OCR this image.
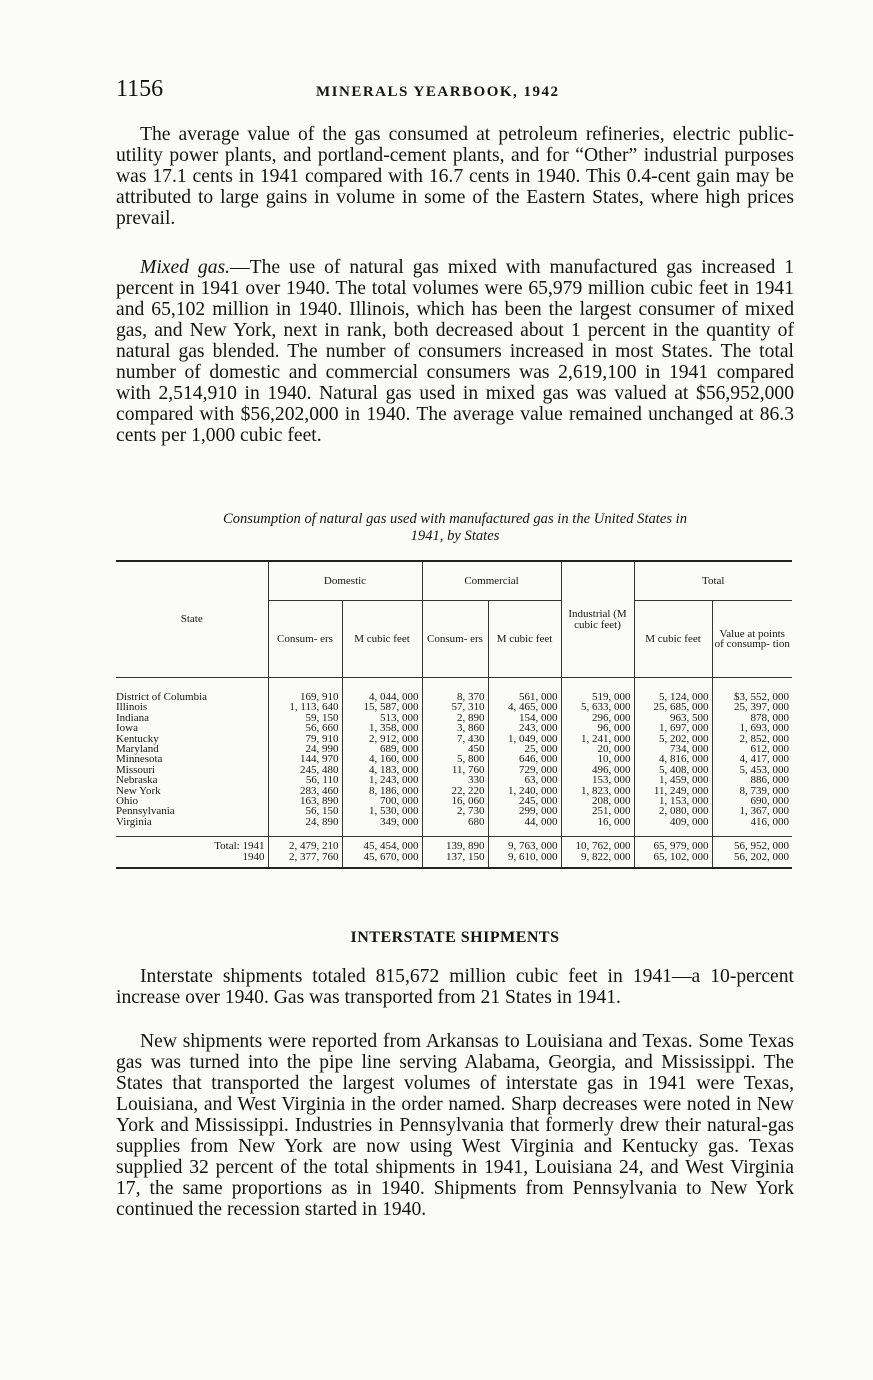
1156	MINERALS YEARBOOK, 1942

The average value of the gas consumed at petroleum refineries, electric public-utility power plants, and portland-cement plants, and for “Other” industrial purposes was 17.1 cents in 1941 compared with 16.7 cents in 1940. This 0.4-cent gain may be attributed to large gains in volume in some of the Eastern States, where high prices prevail.

Mixed gas.—The use of natural gas mixed with manufactured gas increased 1 percent in 1941 over 1940. The total volumes were 65,979 million cubic feet in 1941 and 65,102 million in 1940. Illinois, which has been the largest consumer of mixed gas, and New York, next in rank, both decreased about 1 percent in the quantity of natural gas blended. The number of consumers increased in most States. The total number of domestic and commercial consumers was 2,619,100 in 1941 compared with 2,514,910 in 1940. Natural gas used in mixed gas was valued at $56,952,000 compared with $56,202,000 in 1940. The average value remained unchanged at 86.3 cents per 1,000 cubic feet.

Consumption of natural gas used with manufactured gas in the United States in
1941, by States

State	Domestic		Commercial		Industrial (M cubic feet)	Total	
	Consum- ers	M cubic feet	Consum- ers	M cubic feet		M cubic feet	Value at points of consump- tion
District of Columbia	169, 910	4, 044, 000	8, 370	561, 000	519, 000	5, 124, 000	$3, 552, 000
Illinois	1, 113, 640	15, 587, 000	57, 310	4, 465, 000	5, 633, 000	25, 685, 000	25, 397, 000
Indiana	59, 150	513, 000	2, 890	154, 000	296, 000	963, 500	878, 000
Iowa	56, 660	1, 358, 000	3, 860	243, 000	96, 000	1, 697, 000	1, 693, 000
Kentucky	79, 910	2, 912, 000	7, 430	1, 049, 000	1, 241, 000	5, 202, 000	2, 852, 000
Maryland	24, 990	689, 000	450	25, 000	20, 000	734, 000	612, 000
Minnesota	144, 970	4, 160, 000	5, 800	646, 000	10, 000	4, 816, 000	4, 417, 000
Missouri	245, 480	4, 183, 000	11, 760	729, 000	496, 000	5, 408, 000	5, 453, 000
Nebraska	56, 110	1, 243, 000	330	63, 000	153, 000	1, 459, 000	886, 000
New York	283, 460	8, 186, 000	22, 220	1, 240, 000	1, 823, 000	11, 249, 000	8, 739, 000
Ohio	163, 890	700, 000	16, 060	245, 000	208, 000	1, 153, 000	690, 000
Pennsylvania	56, 150	1, 530, 000	2, 730	299, 000	251, 000	2, 080, 000	1, 367, 000
Virginia	24, 890	349, 000	680	44, 000	16, 000	409, 000	416, 000
Total: 1941	2, 479, 210	45, 454, 000	139, 890	9, 763, 000	10, 762, 000	65, 979, 000	56, 952, 000
1940	2, 377, 760	45, 670, 000	137, 150	9, 610, 000	9, 822, 000	65, 102, 000	56, 202, 000
INTERSTATE SHIPMENTS

Interstate shipments totaled 815,672 million cubic feet in 1941—a 10-percent increase over 1940. Gas was transported from 21 States in 1941.

New shipments were reported from Arkansas to Louisiana and Texas. Some Texas gas was turned into the pipe line serving Alabama, Georgia, and Mississippi. The States that transported the largest volumes of interstate gas in 1941 were Texas, Louisiana, and West Virginia in the order named. Sharp decreases were noted in New York and Mississippi. Industries in Pennsylvania that formerly drew their natural-gas supplies from New York are now using West Virginia and Kentucky gas. Texas supplied 32 percent of the total shipments in 1941, Louisiana 24, and West Virginia 17, the same proportions as in 1940. Shipments from Pennsylvania to New York continued the recession started in 1940.
